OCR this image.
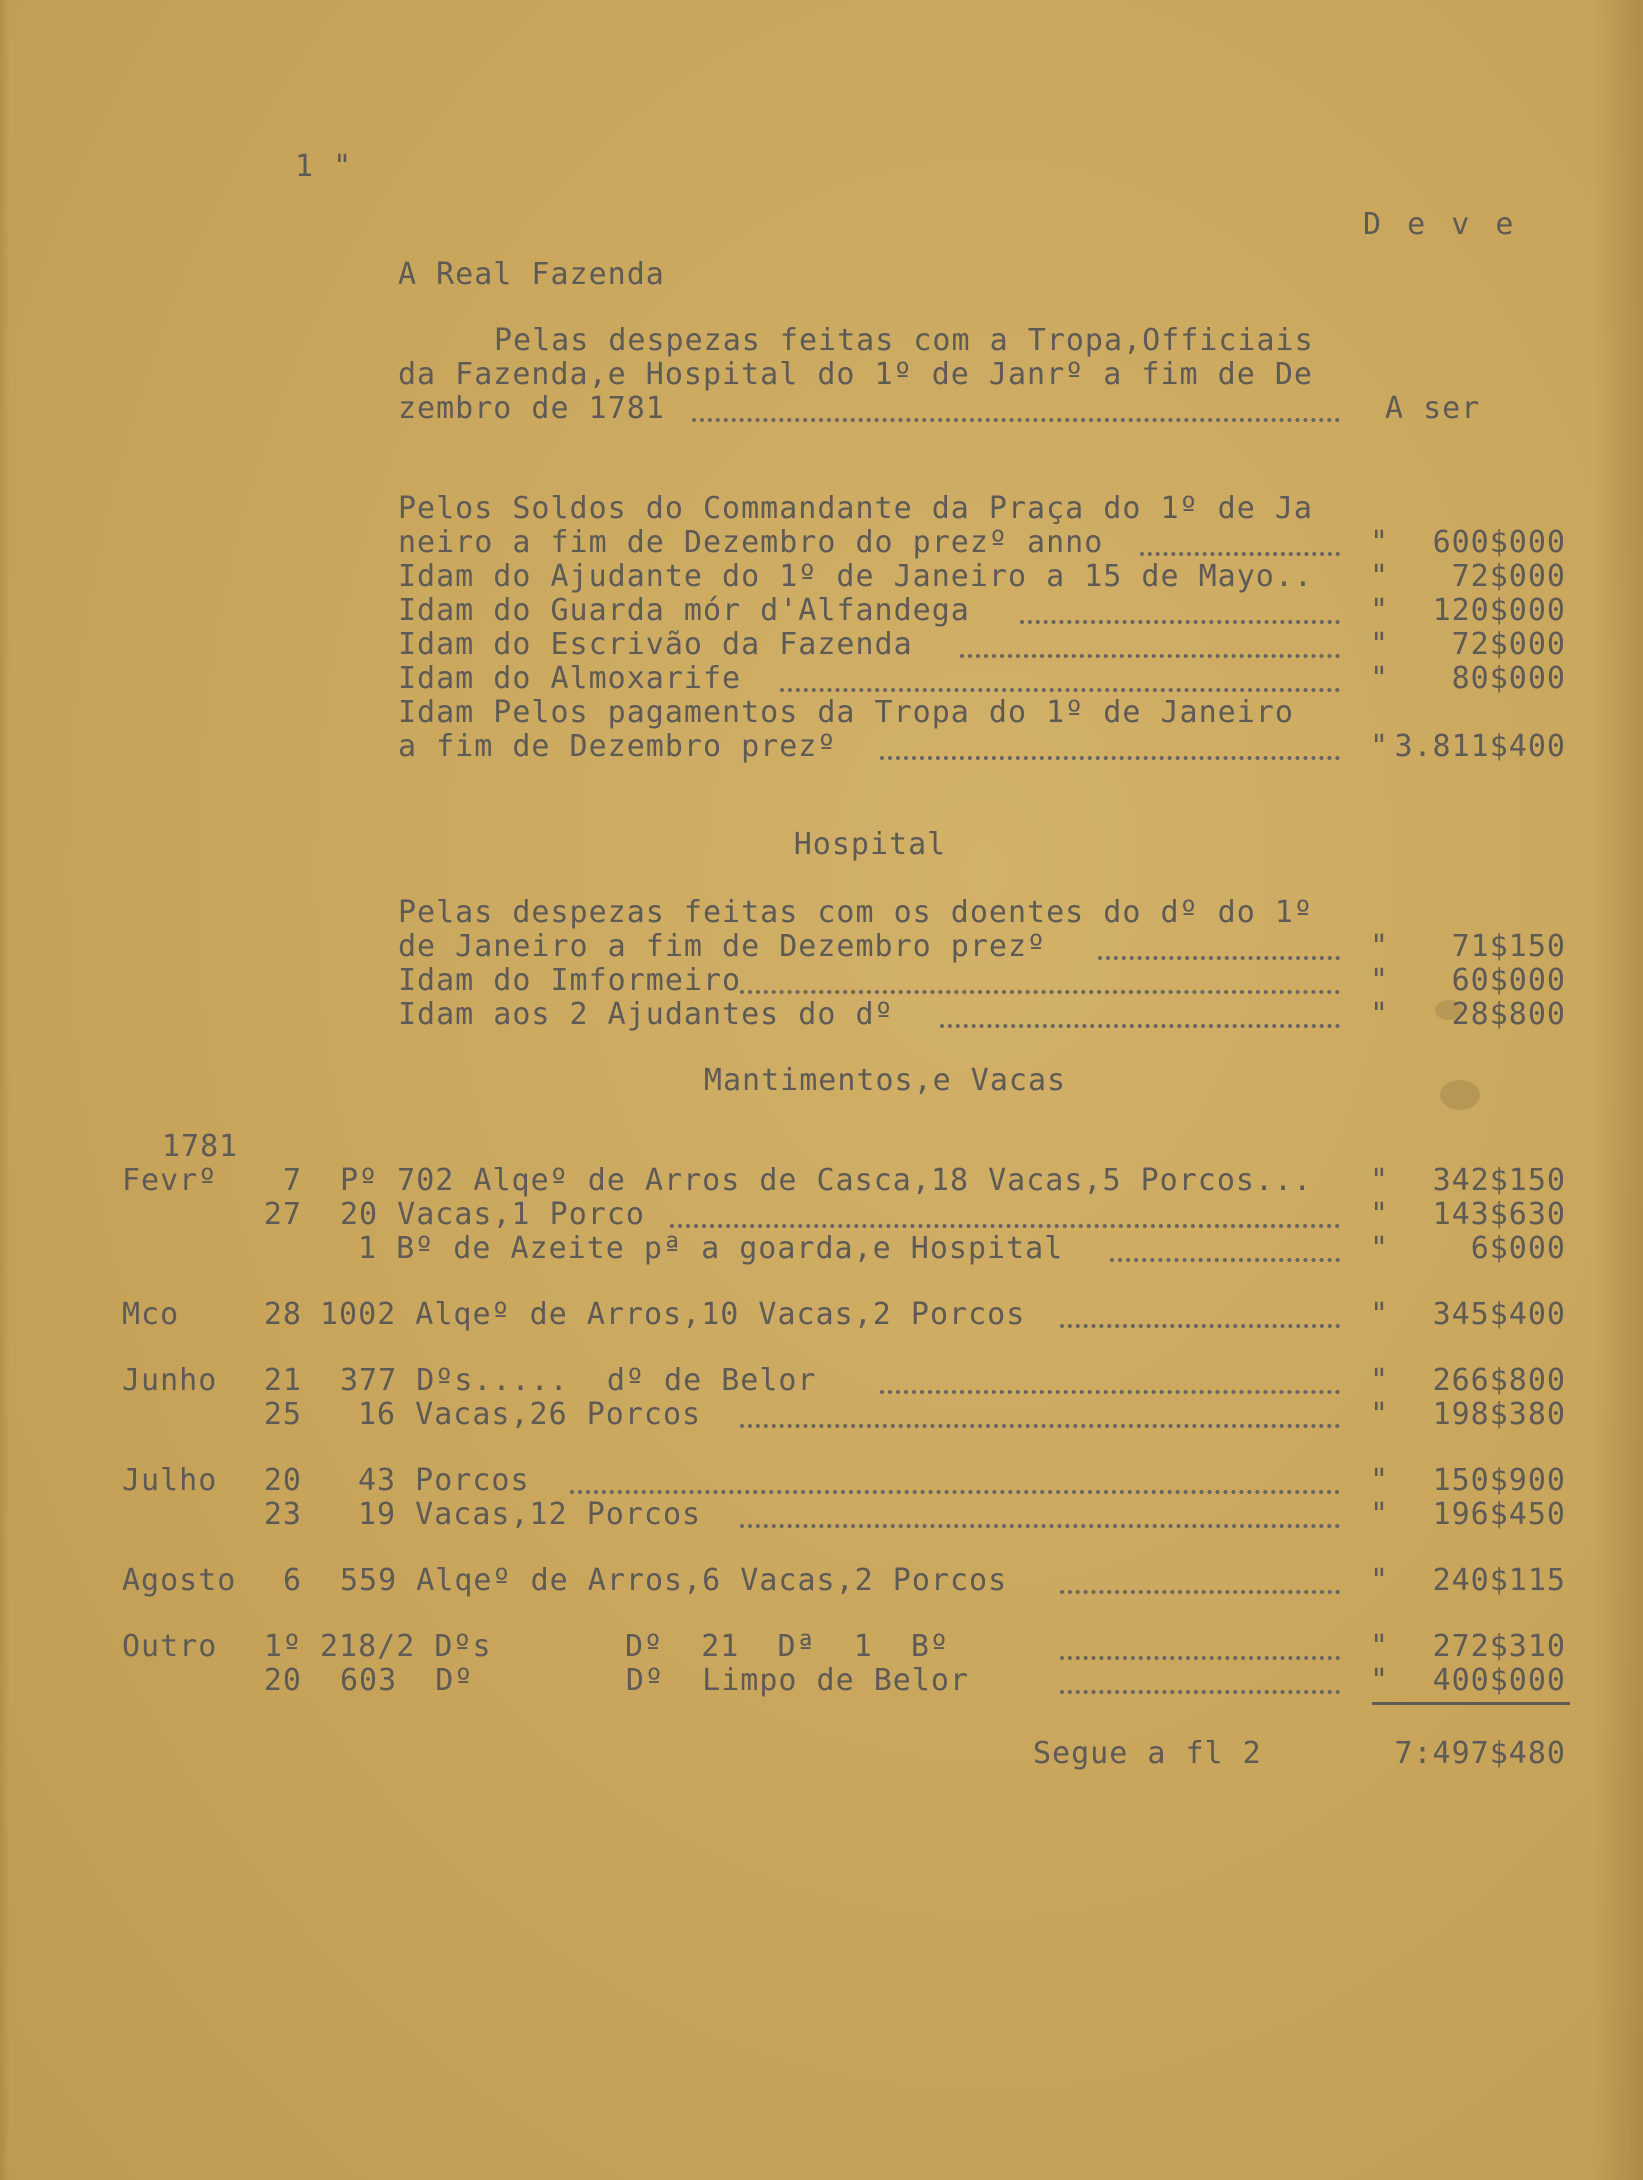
1 "
D e v e
A Real Fazenda
Pelas despezas feitas com a Tropa,Officiais
da Fazenda,e Hospital do 1º de Janrº a fim de De
zembro de 1781	A ser
Pelos Soldos do Commandante da Praça do 1º de Ja
neiro a fim de Dezembro do prezº anno	"	600$000
Idam do Ajudante do 1º de Janeiro a 15 de Mayo.. "	72$000
Idam do Guarda mór d'Alfandega	"	120$000
Idam do Escrivão da Fazenda	"	72$000
Idam do Almoxarife	"	80$000
Idam Pelos pagamentos da Tropa do 1º de Janeiro
a fim de Dezembro prezº	" 3.811$400
Hospital
Pelas despezas feitas com os doentes do dº do 1º
de Janeiro a fim de Dezembro prezº	"	71$150
Idam do Imformeiro	"	60$000
Idam aos 2 Ajudantes do dº	"	28$800
Mantimentos,e Vacas
1781
Fevrº	7 Pº 702 Alqeº de Arros de Casca,18 Vacas,5 Porcos... "	342$150
27 20 Vacas,1 Porco	"	143$630
1 Bº de Azeite pª a goarda,e Hospital	"	6$000
Mco	28 1002 Alqeº de Arros,10 Vacas,2 Porcos	"	345$400
Junho	21 377 Dºs.....  dº de Belor	"	266$800
25 16 Vacas,26 Porcos	"	198$380
Julho	20 43 Porcos	"	150$900
23 19 Vacas,12 Porcos	"	196$450
Agosto	6 559 Alqeº de Arros,6 Vacas,2 Porcos	"	240$115
Outro	1º 218/2 Dºs       Dº  21  Dª  1  Bº	"	272$310
20 603  Dº        Dº  Limpo de Belor	"	400$000
Segue a fl 2	7:497$480
